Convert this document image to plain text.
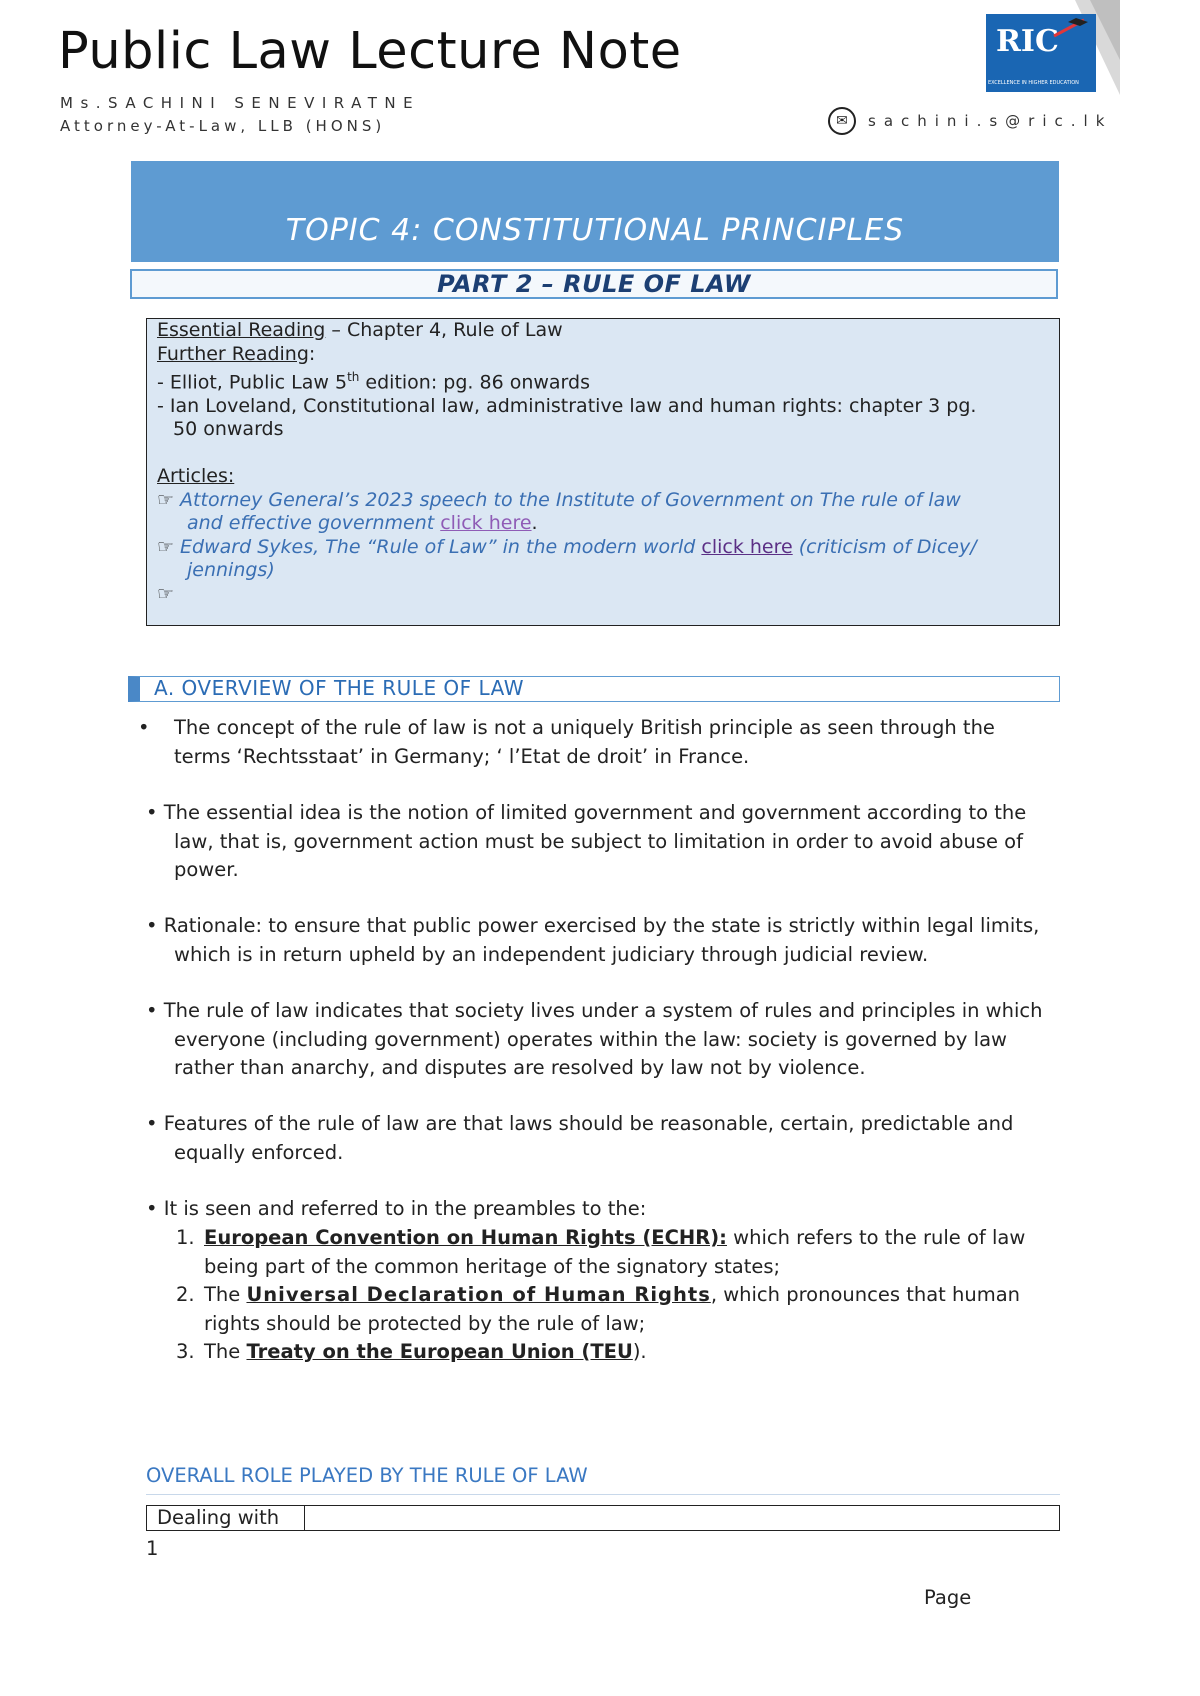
Public Law Lecture Note
Ms.SACHINI SENEVIRATNE
Attorney-At-Law, LLB (HONS)
RIC
EXCELLENCE IN HIGHER EDUCATION
✉	sachini.s@ric.lk
TOPIC 4: CONSTITUTIONAL PRINCIPLES
PART 2 – RULE OF LAW
Essential Reading – Chapter 4, Rule of Law
Further Reading:
- Elliot, Public Law 5th edition: pg. 86 onwards
- Ian Loveland, Constitutional law, administrative law and human rights: chapter 3 pg.
50 onwards
Articles:
☞ Attorney General’s 2023 speech to the Institute of Government on The rule of law
and effective government click here.
☞ Edward Sykes, The “Rule of Law” in the modern world click here (criticism of Dicey/
jennings)
☞
A. OVERVIEW OF THE RULE OF LAW
•	The concept of the rule of law is not a uniquely British principle as seen through the
terms ‘Rechtsstaat’ in Germany; ‘ l’Etat de droit’ in France.
• The essential idea is the notion of limited government and government according to the
law, that is, government action must be subject to limitation in order to avoid abuse of
power.
• Rationale: to ensure that public power exercised by the state is strictly within legal limits,
which is in return upheld by an independent judiciary through judicial review.
• The rule of law indicates that society lives under a system of rules and principles in which
everyone (including government) operates within the law: society is governed by law
rather than anarchy, and disputes are resolved by law not by violence.
• Features of the rule of law are that laws should be reasonable, certain, predictable and
equally enforced.
• It is seen and referred to in the preambles to the:
1. European Convention on Human Rights (ECHR): which refers to the rule of law
being part of the common heritage of the signatory states;
2. The Universal Declaration of Human Rights, which pronounces that human
rights should be protected by the rule of law;
3. The Treaty on the European Union (TEU).
OVERALL ROLE PLAYED BY THE RULE OF LAW
Dealing with
1
Page
